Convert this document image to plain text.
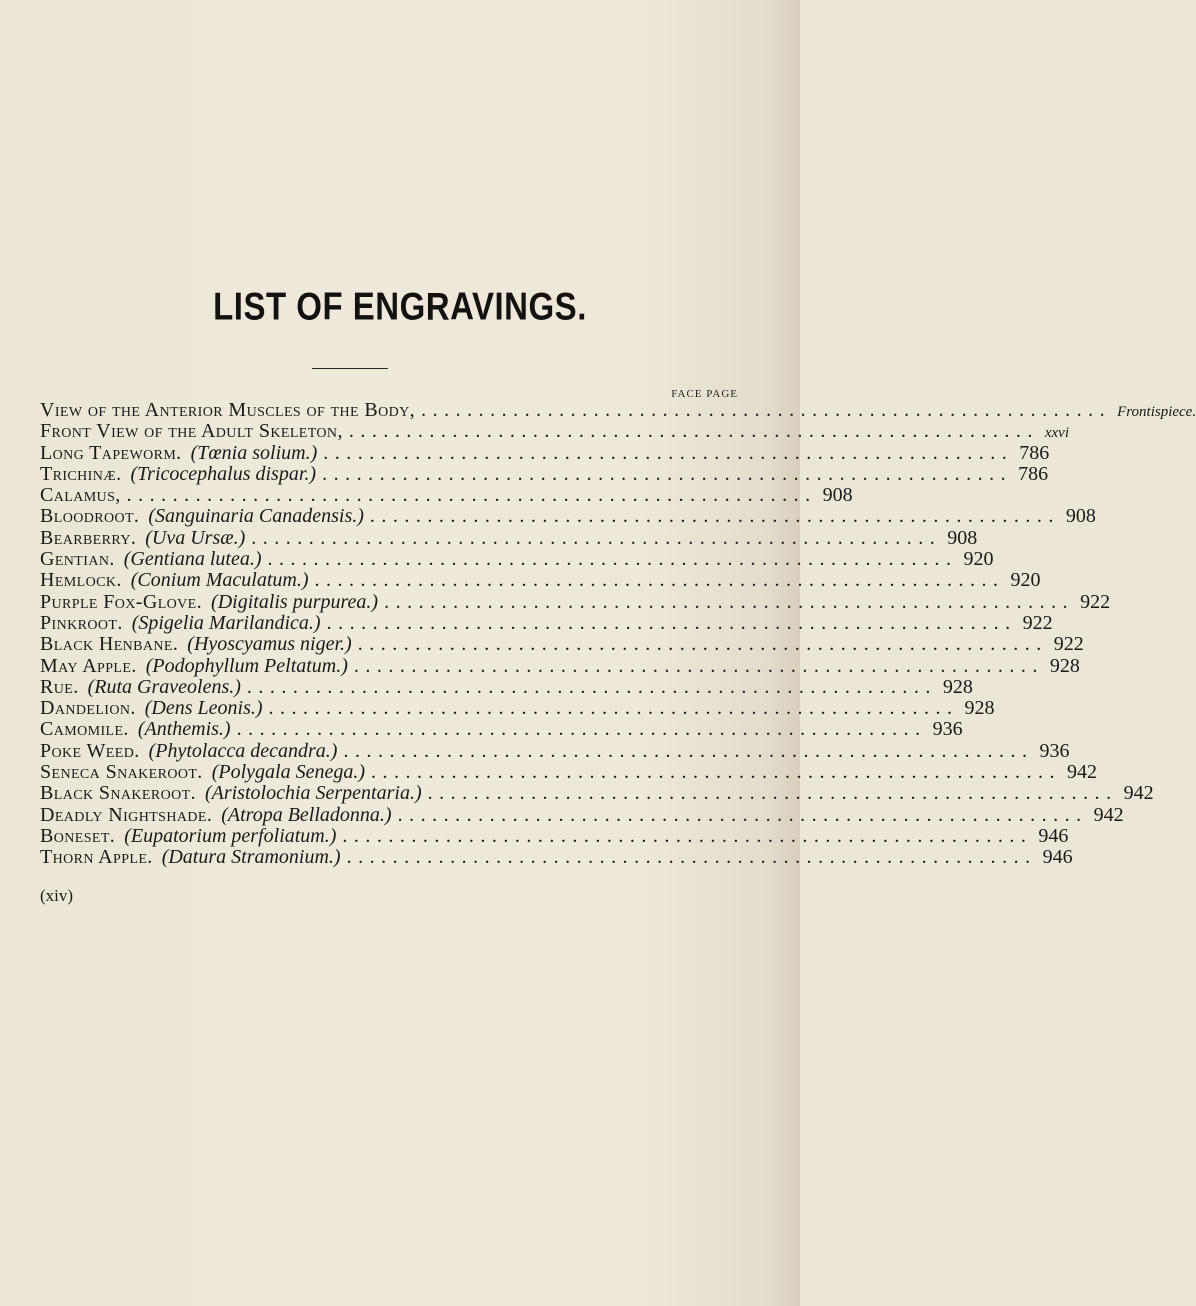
LIST OF ENGRAVINGS.
FACE PAGE
View of the Anterior Muscles of the Body, ............................................................ Frontispiece.
Front View of the Adult Skeleton, ............................................................ xxvi
Long Tapeworm. (Tœnia solium.) ............................................................ 786
Trichinæ. (Tricocephalus dispar.) ............................................................ 786
Calamus, ............................................................ 908
Bloodroot. (Sanguinaria Canadensis.) ............................................................ 908
Bearberry. (Uva Ursæ.) ............................................................ 908
Gentian. (Gentiana lutea.) ............................................................ 920
Hemlock. (Conium Maculatum.) ............................................................ 920
Purple Fox-Glove. (Digitalis purpurea.) ............................................................ 922
Pinkroot. (Spigelia Marilandica.) ............................................................ 922
Black Henbane. (Hyoscyamus niger.) ............................................................ 922
May Apple. (Podophyllum Peltatum.) ............................................................ 928
Rue. (Ruta Graveolens.) ............................................................ 928
Dandelion. (Dens Leonis.) ............................................................ 928
Camomile. (Anthemis.) ............................................................ 936
Poke Weed. (Phytolacca decandra.) ............................................................ 936
Seneca Snakeroot. (Polygala Senega.) ............................................................ 942
Black Snakeroot. (Aristolochia Serpentaria.) ............................................................ 942
Deadly Nightshade. (Atropa Belladonna.) ............................................................ 942
Boneset. (Eupatorium perfoliatum.) ............................................................ 946
Thorn Apple. (Datura Stramonium.) ............................................................ 946
(xiv)
